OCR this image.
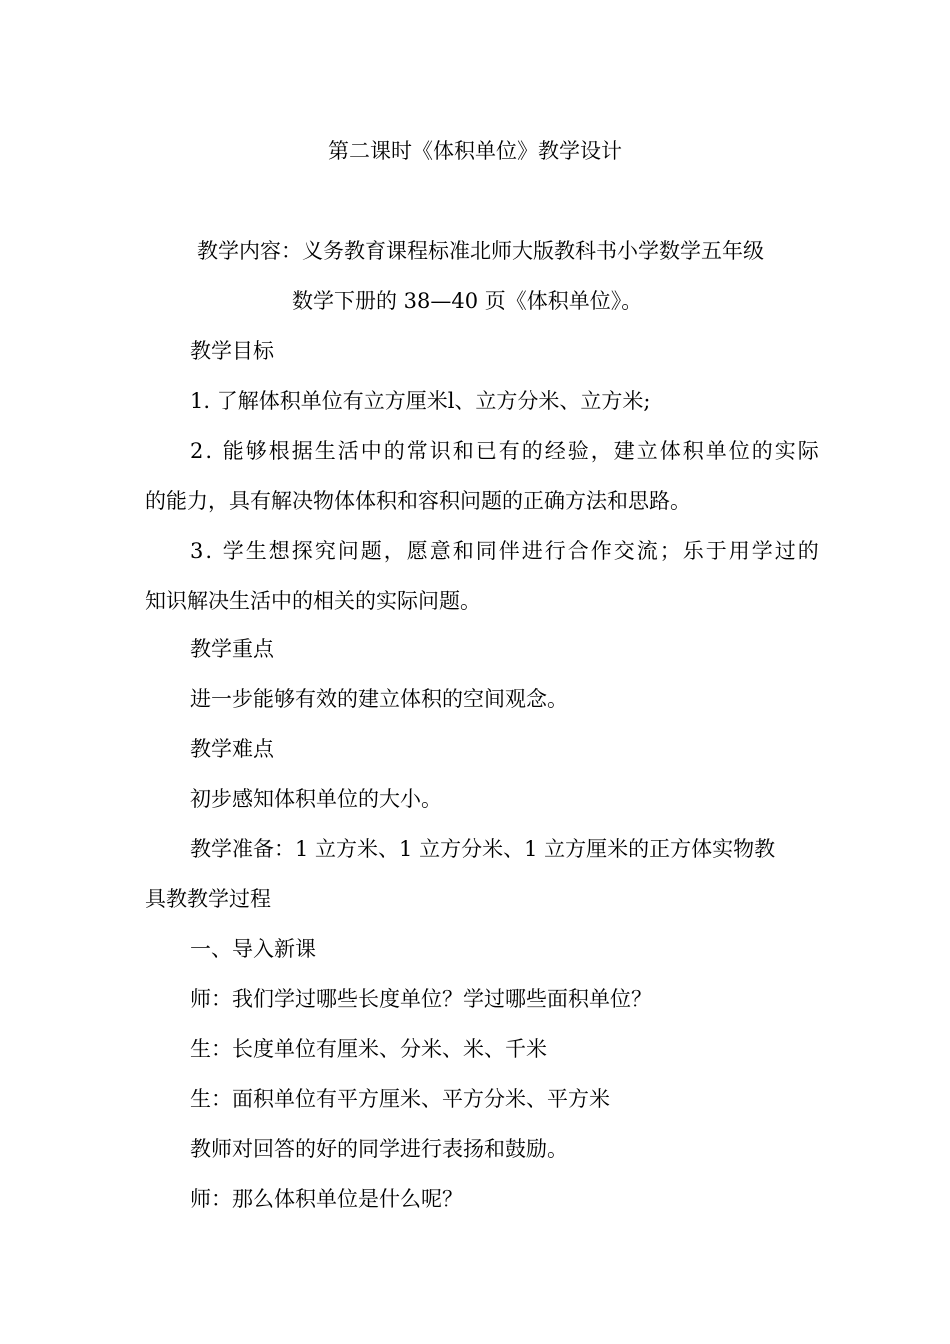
第二课时《体积单位》教学设计

教学内容：义务教育课程标准北师大版教科书小学数学五年级

数学下册的 38—40 页《体积单位》。

教学目标

1. 了解体积单位有立方厘米l、立方分米、立方米;

2. 能够根据生活中的常识和已有的经验，建立体积单位的实际

的能力，具有解决物体体积和容积问题的正确方法和思路。

3. 学生想探究问题，愿意和同伴进行合作交流；乐于用学过的

知识解决生活中的相关的实际问题。

教学重点

进一步能够有效的建立体积的空间观念。

教学难点

初步感知体积单位的大小。

教学准备：1 立方米、1 立方分米、1 立方厘米的正方体实物教

具教教学过程

一、导入新课

师：我们学过哪些长度单位？学过哪些面积单位？

生：长度单位有厘米、分米、米、千米

生：面积单位有平方厘米、平方分米、平方米

教师对回答的好的同学进行表扬和鼓励。

师：那么体积单位是什么呢？
